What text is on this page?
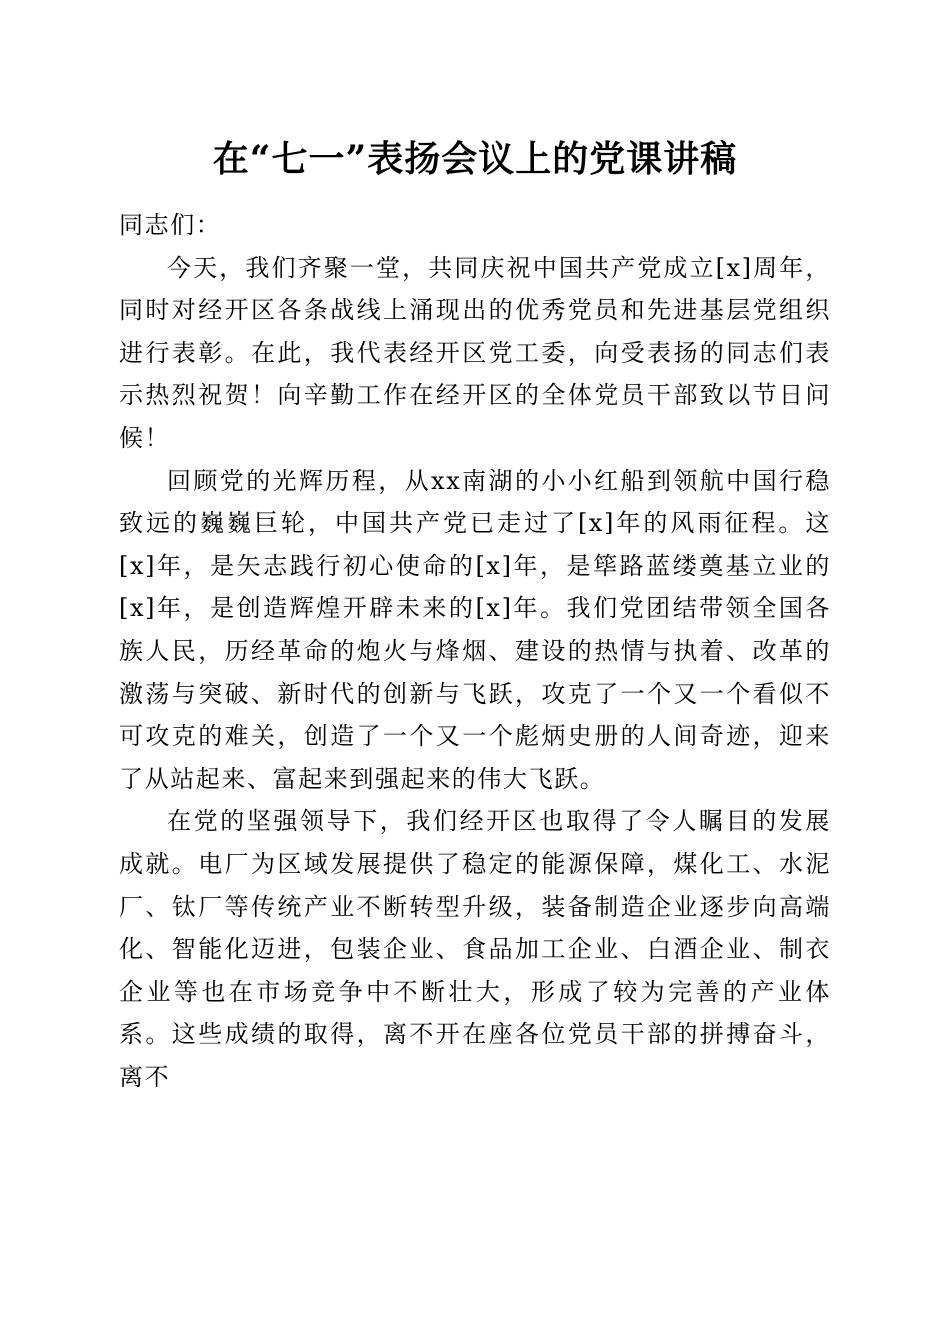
在“七一”表扬会议上的党课讲稿

同志们：

今天，我们齐聚一堂，共同庆祝中国共产党成立[x]周年，同时对经开区各条战线上涌现出的优秀党员和先进基层党组织进行表彰。在此，我代表经开区党工委，向受表扬的同志们表示热烈祝贺！向辛勤工作在经开区的全体党员干部致以节日问候！

回顾党的光辉历程，从xx南湖的小小红船到领航中国行稳致远的巍巍巨轮，中国共产党已走过了[x]年的风雨征程。这[x]年，是矢志践行初心使命的[x]年，是筚路蓝缕奠基立业的[x]年，是创造辉煌开辟未来的[x]年。我们党团结带领全国各族人民，历经革命的炮火与烽烟、建设的热情与执着、改革的激荡与突破、新时代的创新与飞跃，攻克了一个又一个看似不可攻克的难关，创造了一个又一个彪炳史册的人间奇迹，迎来了从站起来、富起来到强起来的伟大飞跃。

在党的坚强领导下，我们经开区也取得了令人瞩目的发展成就。电厂为区域发展提供了稳定的能源保障，煤化工、水泥厂、钛厂等传统产业不断转型升级，装备制造企业逐步向高端化、智能化迈进，包装企业、食品加工企业、白酒企业、制衣企业等也在市场竞争中不断壮大，形成了较为完善的产业体系。这些成绩的取得，离不开在座各位党员干部的拼搏奋斗，离不
